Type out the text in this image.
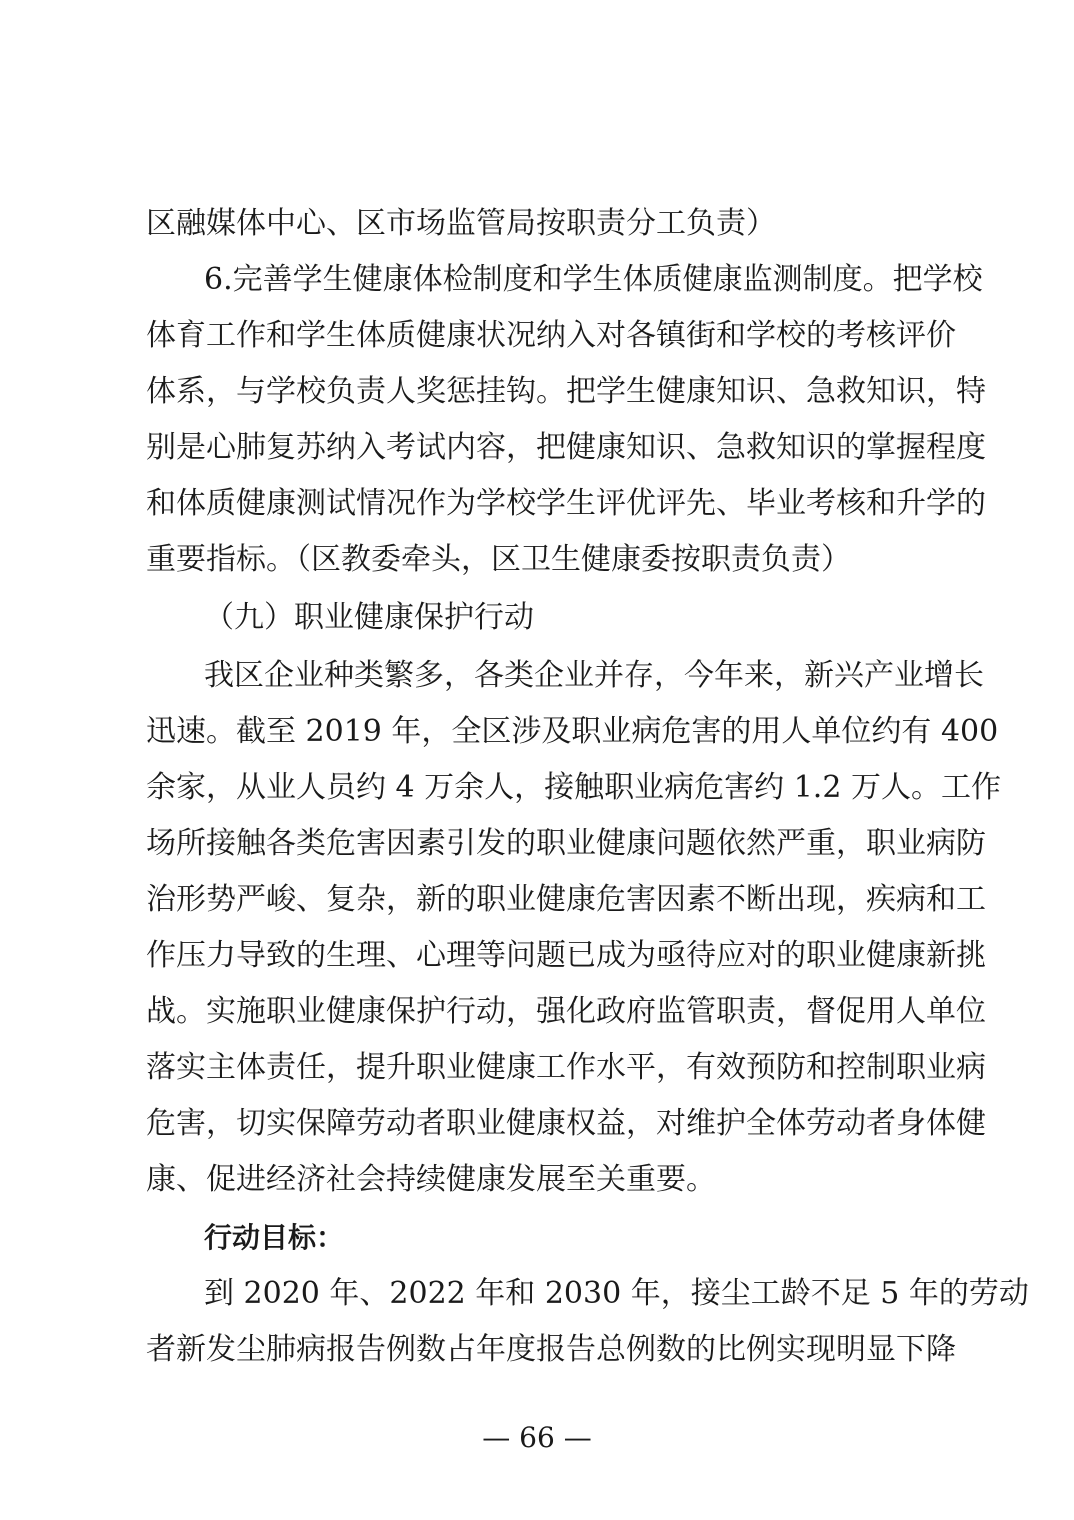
区融媒体中心、区市场监管局按职责分工负责）
6.完善学生健康体检制度和学生体质健康监测制度。把学校
体育工作和学生体质健康状况纳入对各镇街和学校的考核评价
体系，与学校负责人奖惩挂钩。把学生健康知识、急救知识，特
别是心肺复苏纳入考试内容，把健康知识、急救知识的掌握程度
和体质健康测试情况作为学校学生评优评先、毕业考核和升学的
重要指标。（区教委牵头，区卫生健康委按职责负责）
（九）职业健康保护行动
我区企业种类繁多，各类企业并存，今年来，新兴产业增长
迅速。截至 2019 年，全区涉及职业病危害的用人单位约有 400
余家，从业人员约 4 万余人，接触职业病危害约 1.2 万人。工作
场所接触各类危害因素引发的职业健康问题依然严重，职业病防
治形势严峻、复杂，新的职业健康危害因素不断出现，疾病和工
作压力导致的生理、心理等问题已成为亟待应对的职业健康新挑
战。实施职业健康保护行动，强化政府监管职责，督促用人单位
落实主体责任，提升职业健康工作水平，有效预防和控制职业病
危害，切实保障劳动者职业健康权益，对维护全体劳动者身体健
康、促进经济社会持续健康发展至关重要。
行动目标：
到 2020 年、2022 年和 2030 年，接尘工龄不足 5 年的劳动
者新发尘肺病报告例数占年度报告总例数的比例实现明显下降
— 66 —
